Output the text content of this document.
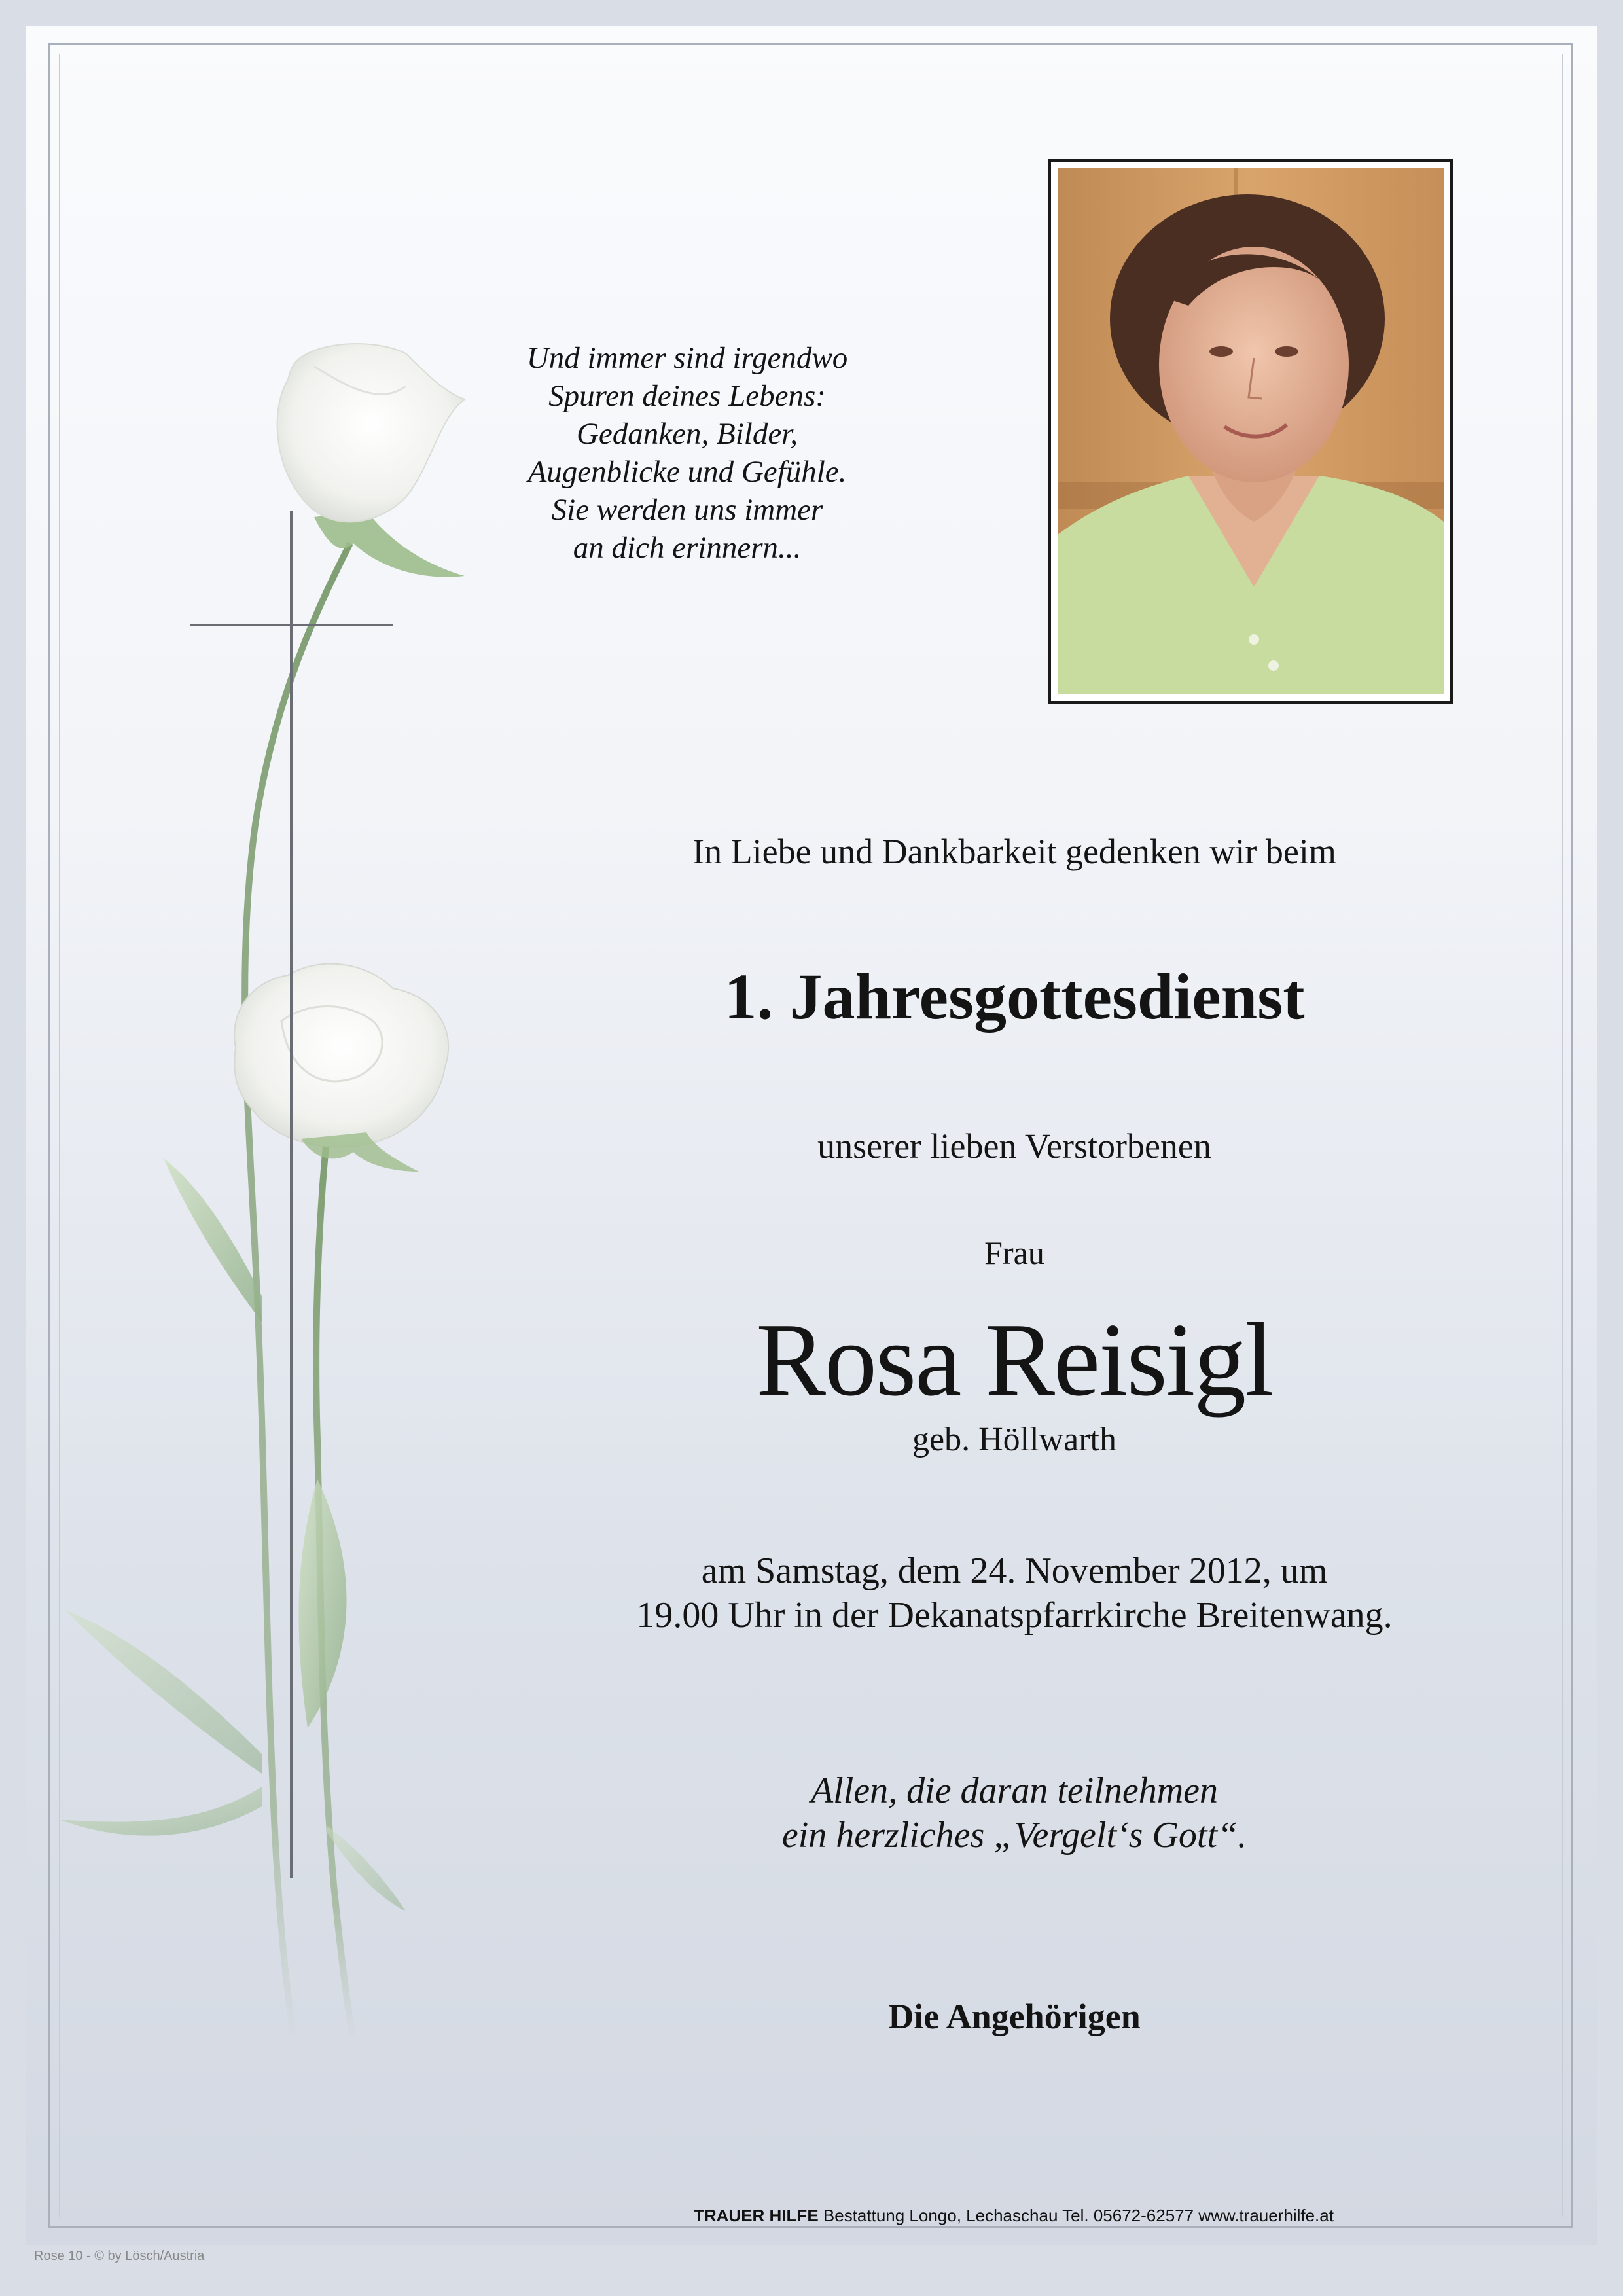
Und immer sind irgendwo
Spuren deines Lebens:
Gedanken, Bilder,
Augenblicke und Gefühle.
Sie werden uns immer
an dich erinnern...
In Liebe und Dankbarkeit gedenken wir beim
1. Jahresgottesdienst
unserer lieben Verstorbenen
Frau
Rosa Reisigl
geb. Höllwarth
am Samstag, dem 24. November 2012, um
19.00 Uhr in der Dekanatspfarrkirche Breitenwang.
Allen, die daran teilnehmen
ein herzliches „Vergelt‘s Gott“.
Die Angehörigen
TRAUER HILFE Bestattung Longo, Lechaschau Tel. 05672-62577 www.trauerhilfe.at
Rose 10 - © by Lösch/Austria
